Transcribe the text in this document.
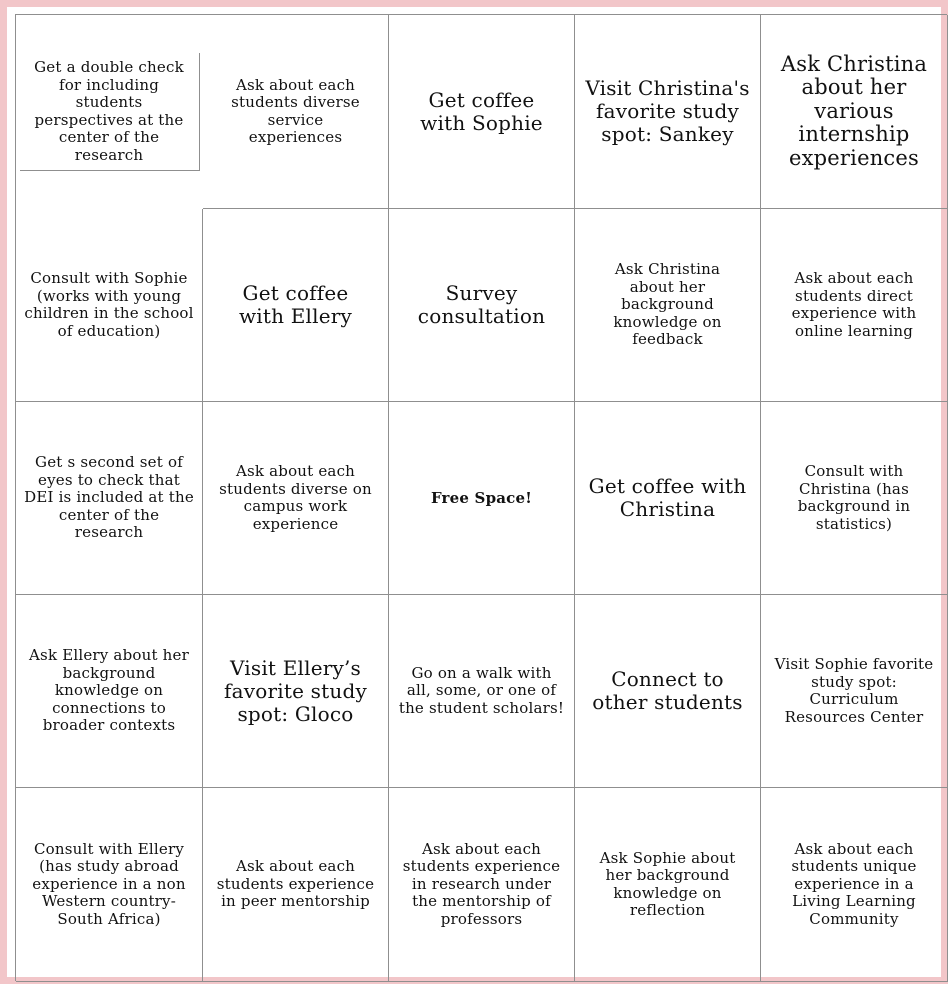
Get a double check for including students perspectives at the center of the research
Ask about each students diverse service experiences
Get coffee with Sophie
Visit Christina's favorite study spot: Sankey
Ask Christina about her various internship experiences
Consult with Sophie (works with young children in the school of education)
Get coffee with Ellery
Survey consultation
Ask Christina about her background knowledge on feedback
Ask about each students direct experience with online learning
Get s second set of eyes to check that DEI is included at the center of the research
Ask about each students diverse on campus work experience
Free Space!	Get coffee with Christina
Consult with Christina (has background in statistics)
Ask Ellery about her background knowledge on connections to broader contexts
Visit Ellery’s favorite study spot: Gloco
Go on a walk with all, some, or one of the student scholars!
Connect to other students
Visit Sophie favorite study spot: Curriculum Resources Center
Consult with Ellery (has study abroad experience in a non Western country- South Africa)
Ask about each students experience in peer mentorship
Ask about each students experience in research under the mentorship of professors
Ask Sophie about her background knowledge on reflection
Ask about each students unique experience in a Living Learning Community
